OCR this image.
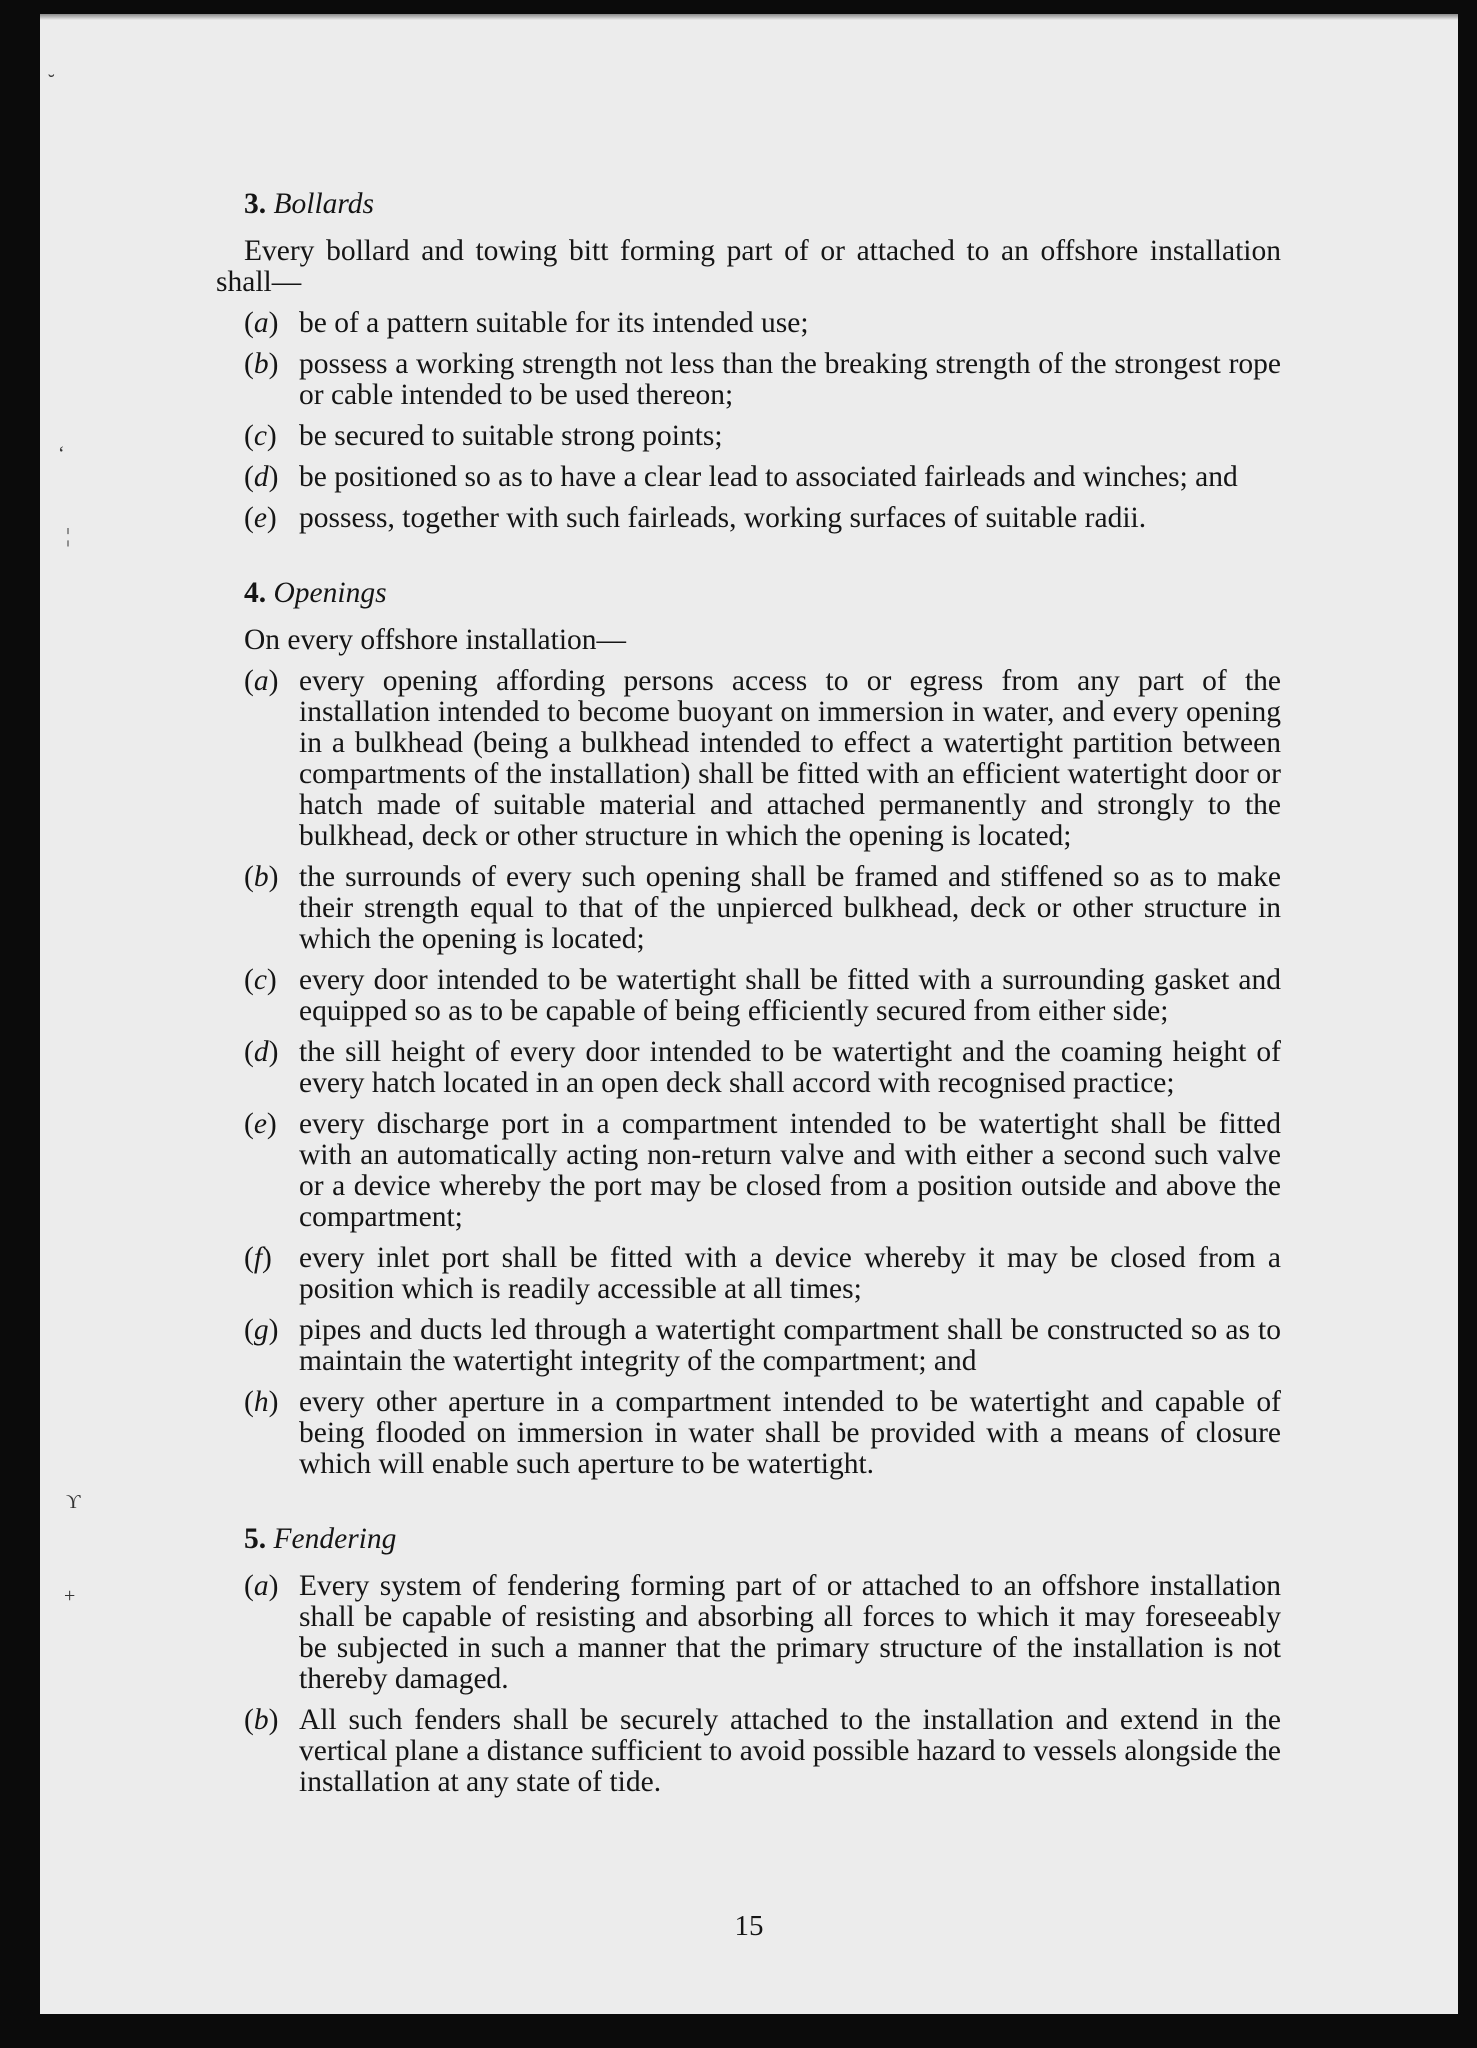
˘
‘
¦
ϒ
+
3. Bollards
Every bollard and towing bitt forming part of or attached to an offshore installation shall—
(a) be of a pattern suitable for its intended use;
(b) possess a working strength not less than the breaking strength of the strongest rope or cable intended to be used thereon;
(c) be secured to suitable strong points;
(d) be positioned so as to have a clear lead to associated fairleads and winches; and
(e) possess, together with such fairleads, working surfaces of suitable radii.
4. Openings
On every offshore installation—
(a) every opening affording persons access to or egress from any part of the installation intended to become buoyant on immersion in water, and every opening in a bulkhead (being a bulkhead intended to effect a watertight partition between compartments of the installation) shall be fitted with an efficient watertight door or hatch made of suitable material and attached permanently and strongly to the bulkhead, deck or other structure in which the opening is located;
(b) the surrounds of every such opening shall be framed and stiffened so as to make their strength equal to that of the unpierced bulkhead, deck or other structure in which the opening is located;
(c) every door intended to be watertight shall be fitted with a surrounding gasket and equipped so as to be capable of being efficiently secured from either side;
(d) the sill height of every door intended to be watertight and the coaming height of every hatch located in an open deck shall accord with recognised practice;
(e) every discharge port in a compartment intended to be watertight shall be fitted with an automatically acting non-return valve and with either a second such valve or a device whereby the port may be closed from a position outside and above the compartment;
(f) every inlet port shall be fitted with a device whereby it may be closed from a position which is readily accessible at all times;
(g) pipes and ducts led through a watertight compartment shall be constructed so as to maintain the watertight integrity of the compartment; and
(h) every other aperture in a compartment intended to be watertight and capable of being flooded on immersion in water shall be provided with a means of closure which will enable such aperture to be watertight.
5. Fendering
(a) Every system of fendering forming part of or attached to an offshore installation shall be capable of resisting and absorbing all forces to which it may foreseeably be subjected in such a manner that the primary structure of the installation is not thereby damaged.
(b) All such fenders shall be securely attached to the installation and extend in the vertical plane a distance sufficient to avoid possible hazard to vessels alongside the installation at any state of tide.
15
